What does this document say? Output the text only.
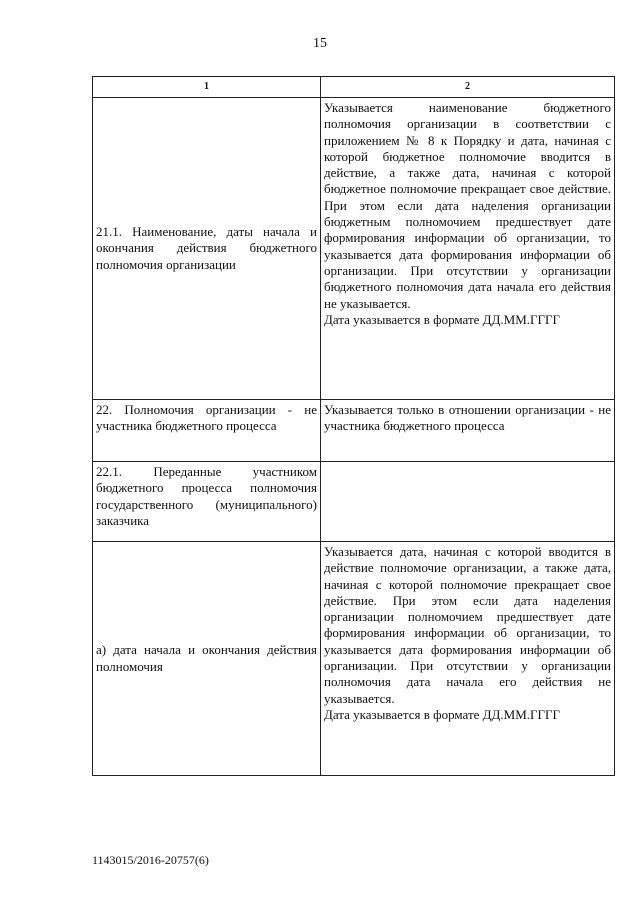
15
1	2
21.1. Наименование, даты начала и окончания действия бюджетного полномочия организации	Указывается наименование бюджетного полномочия организации в соответствии с приложением № 8 к Порядку и дата, начиная с которой бюджетное полномочие вводится в действие, а также дата, начиная с которой бюджетное полномочие прекращает свое действие. При этом если дата наделения организации бюджетным полномочием предшествует дате формирования информации об организации, то указывается дата формирования информации об организации. При отсутствии у организации бюджетного полномочия дата начала его действия не указывается.
Дата указывается в формате ДД.ММ.ГГГГ

22. Полномочия организации - не участника бюджетного процесса	Указывается только в отношении организации - не участника бюджетного процесса

22.1. Переданные участником бюджетного процесса полномочия государственного (муниципального) заказчика	
а) дата начала и окончания действия полномочия	Указывается дата, начиная с которой вводится в действие полномочие организации, а также дата, начиная с которой полномочие прекращает свое действие. При этом если дата наделения организации полномочием предшествует дате формирования информации об организации, то указывается дата формирования информации об организации. При отсутствии у организации полномочия дата начала его действия не указывается.
Дата указывается в формате ДД.ММ.ГГГГ
1143015/2016-20757(6)
